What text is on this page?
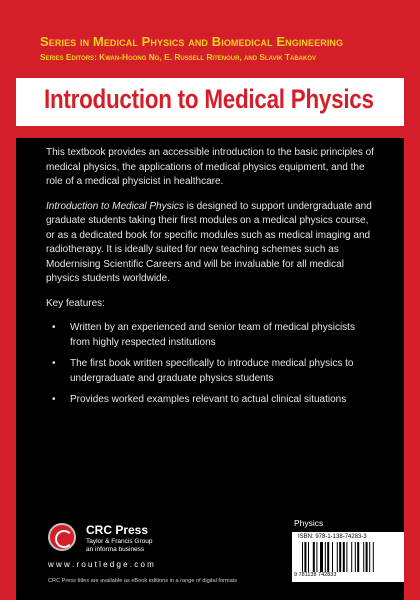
Series in Medical Physics and Biomedical Engineering
Series Editors: Kwan-Hoong Ng, E. Russell Ritenour, and Slavik Tabakov
Introduction to Medical Physics

This textbook provides an accessible introduction to the basic principles of medical physics, the applications of medical physics equipment, and the role of a medical physicist in healthcare.

Introduction to Medical Physics is designed to support undergraduate and graduate students taking their first modules on a medical physics course, or as a dedicated book for specific modules such as medical imaging and radiotherapy. It is ideally suited for new teaching schemes such as Modernising Scientific Careers and will be invaluable for all medical physics students worldwide.

Key features:

• Written by an experienced and senior team of medical physicists from highly respected institutions
• The first book written specifically to introduce medical physics to undergraduate and graduate physics students
• Provides worked examples relevant to actual clinical situations
CRC Press
Taylor & Francis Group
an informa business
w w w . r o u t l e d g e . c o m
CRC Press titles are available as eBook editions in a range of digital formats
Physics
ISBN: 978-1-138-74283-3
9 781138 742833
